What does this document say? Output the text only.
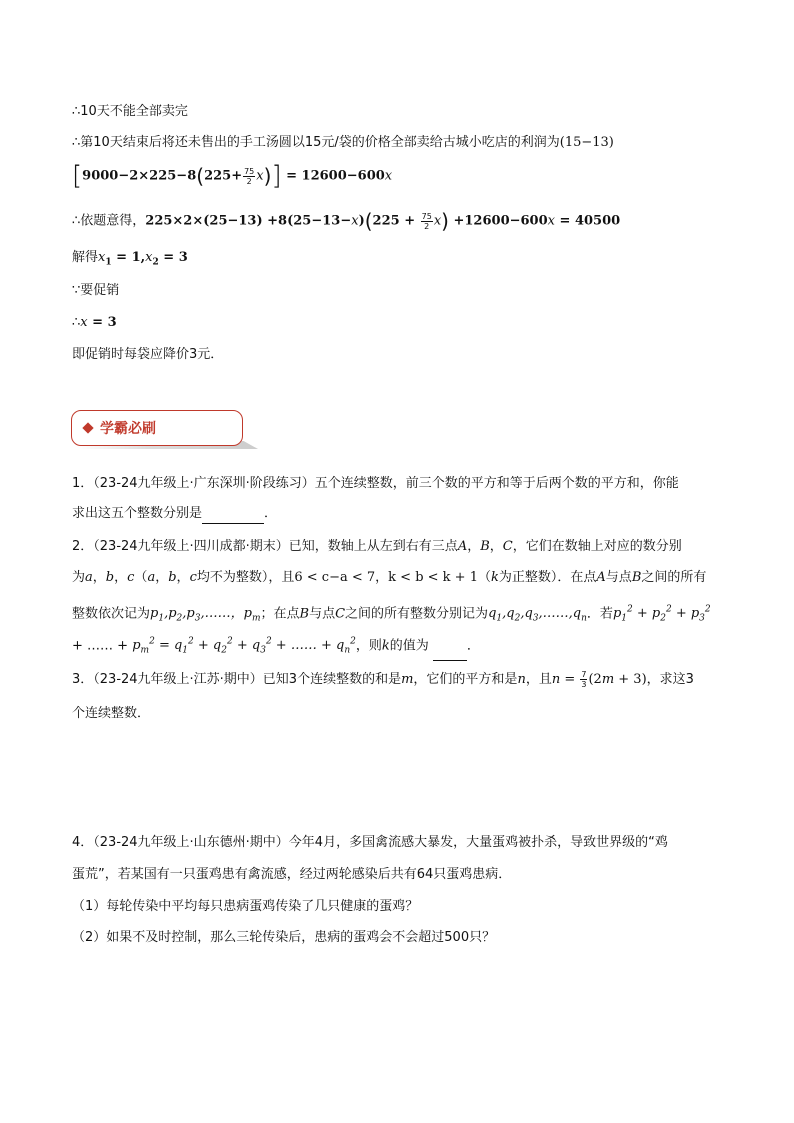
∴10天不能全部卖完
∴第10天结束后将还未售出的手工汤圆以15元/袋的价格全部卖给古城小吃店的利润为(15−13)
$[9000-2\times 225-8(225+ \frac{75}{2} x)] = 12600-600x$
∴依题意得，$225\times 2\times(25-13) +8(25-13-x)(225 + \frac{75}{2} x) +12600-600x = 40500$
解得$x_1 = 1,x_2 = 3$
∵要促销
∴x = 3
即促销时每袋应降价3元．
学霸必刷
1．（23-24九年级上·广东深圳·阶段练习）五个连续整数，前三个数的平方和等于后两个数的平方和，你能
求出这五个整数分别是	．
2．（23-24九年级上·四川成都·期末）已知，数轴上从左到右有三点A，B，C，它们在数轴上对应的数分别
为a，b，c（a，b，c均不为整数），且6 < c−a < 7，k < b < k + 1（k为正整数）．在点A与点B之间的所有
整数依次记为$p_1,p_2,p_3,\dots\dots$，$p_m$；在点B与点C之间的所有整数分别记为$q_1,q_2,q_3,\dots\dots,q_n$．若$p_1^2 + p_2^2 + p_3^2$
+ …… + $p_m^2 = q_1^2 + q_2^2 + q_3^2$ + …… + $q_n^2$，则k的值为	．
3．（23-24九年级上·江苏·期中）已知3个连续整数的和是m，它们的平方和是n，且$n = \frac{7}{3} (2m + 3)$，求这3
个连续整数．
4．（23-24九年级上·山东德州·期中）今年4月，多国禽流感大暴发，大量蛋鸡被扑杀，导致世界级的“鸡
蛋荒”，若某国有一只蛋鸡患有禽流感，经过两轮感染后共有64只蛋鸡患病．
（1）每轮传染中平均每只患病蛋鸡传染了几只健康的蛋鸡？
（2）如果不及时控制，那么三轮传染后，患病的蛋鸡会不会超过500只？
